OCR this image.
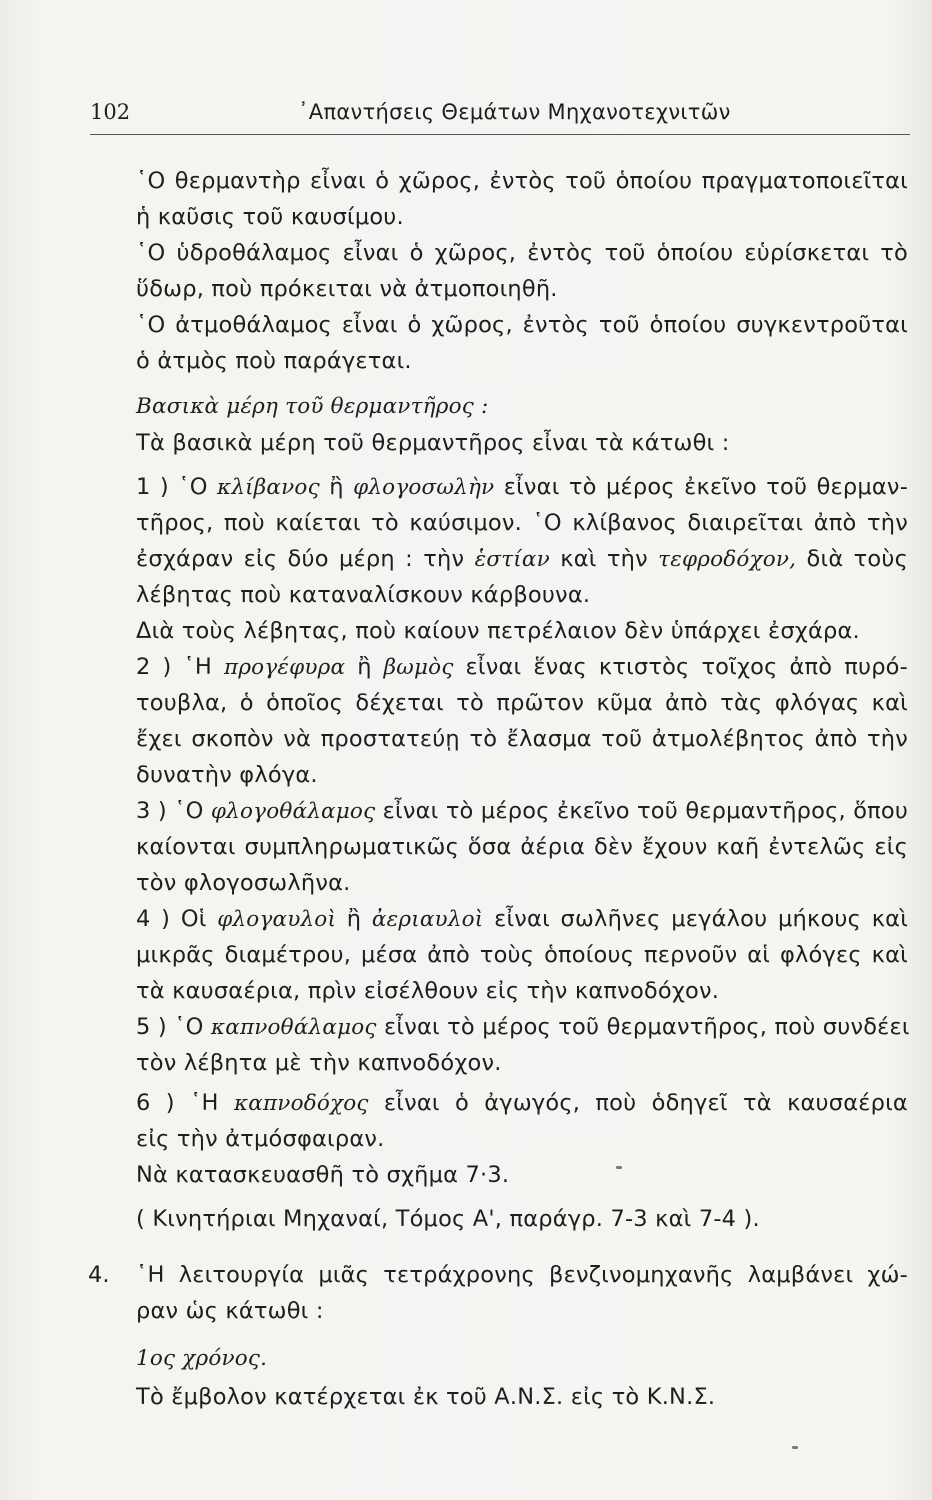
102	᾿Απαντήσεις Θεμάτων Μηχανοτεχνιτῶν
῾Ο θερμαντὴρ εἶναι ὁ χῶρος, ἐντὸς τοῦ ὁποίου πραγματοποιεῖται
ἡ καῦσις τοῦ καυσίμου.
῾Ο ὑδροθάλαμος εἶναι ὁ χῶρος, ἐντὸς τοῦ ὁποίου εὑρίσκεται τὸ
ὕδωρ, ποὺ πρόκειται νὰ ἀτμοποιηθῆ.
῾Ο ἀτμοθάλαμος εἶναι ὁ χῶρος, ἐντὸς τοῦ ὁποίου συγκεντροῦται
ὁ ἀτμὸς ποὺ παράγεται.
Βασικὰ μέρη τοῦ θερμαντῆρος :
Τὰ βασικὰ μέρη τοῦ θερμαντῆρος εἶναι τὰ κάτωθι :
1 ) ῾Ο κλίβανος ἢ φλογοσωλὴν εἶναι τὸ μέρος ἐκεῖνο τοῦ θερμαν-
τῆρος, ποὺ καίεται τὸ καύσιμον. ῾Ο κλίβανος διαιρεῖται ἀπὸ τὴν
ἐσχάραν εἰς δύο μέρη : τὴν ἑστίαν καὶ τὴν τεφροδόχον, διὰ τοὺς
λέβητας ποὺ καταναλίσκουν κάρβουνα.
Διὰ τοὺς λέβητας, ποὺ καίουν πετρέλαιον δὲν ὑπάρχει ἐσχάρα.
2 ) ῾Η προγέφυρα ἢ βωμὸς εἶναι ἕνας κτιστὸς τοῖχος ἀπὸ πυρό-
τουβλα, ὁ ὁποῖος δέχεται τὸ πρῶτον κῦμα ἀπὸ τὰς φλόγας καὶ
ἔχει σκοπὸν νὰ προστατεύῃ τὸ ἔλασμα τοῦ ἀτμολέβητος ἀπὸ τὴν
δυνατὴν φλόγα.
3 ) ῾Ο φλογοθάλαμος εἶναι τὸ μέρος ἐκεῖνο τοῦ θερμαντῆρος, ὅπου
καίονται συμπληρωματικῶς ὅσα ἀέρια δὲν ἔχουν καῆ ἐντελῶς εἰς
τὸν φλογοσωλῆνα.
4 ) Οἱ φλογαυλοὶ ἢ ἀεριαυλοὶ εἶναι σωλῆνες μεγάλου μήκους καὶ
μικρᾶς διαμέτρου, μέσα ἀπὸ τοὺς ὁποίους περνοῦν αἱ φλόγες καὶ
τὰ καυσαέρια, πρὶν εἰσέλθουν εἰς τὴν καπνοδόχον.
5 ) ῾Ο καπνοθάλαμος εἶναι τὸ μέρος τοῦ θερμαντῆρος, ποὺ συνδέει
τὸν λέβητα μὲ τὴν καπνοδόχον.
6 ) ῾Η καπνοδόχος εἶναι ὁ ἀγωγός, ποὺ ὁδηγεῖ τὰ καυσαέρια
εἰς τὴν ἀτμόσφαιραν.
Νὰ κατασκευασθῆ τὸ σχῆμα 7·3.
( Κινητήριαι Μηχαναί, Τόμος Α', παράγρ. 7-3 καὶ 7-4 ).
4. ῾Η λειτουργία μιᾶς τετράχρονης βενζινομηχανῆς λαμβάνει χώ-
ραν ὡς κάτωθι :
1ος χρόνος.
Τὸ ἔμβολον κατέρχεται ἐκ τοῦ Α.Ν.Σ. εἰς τὸ Κ.Ν.Σ.
